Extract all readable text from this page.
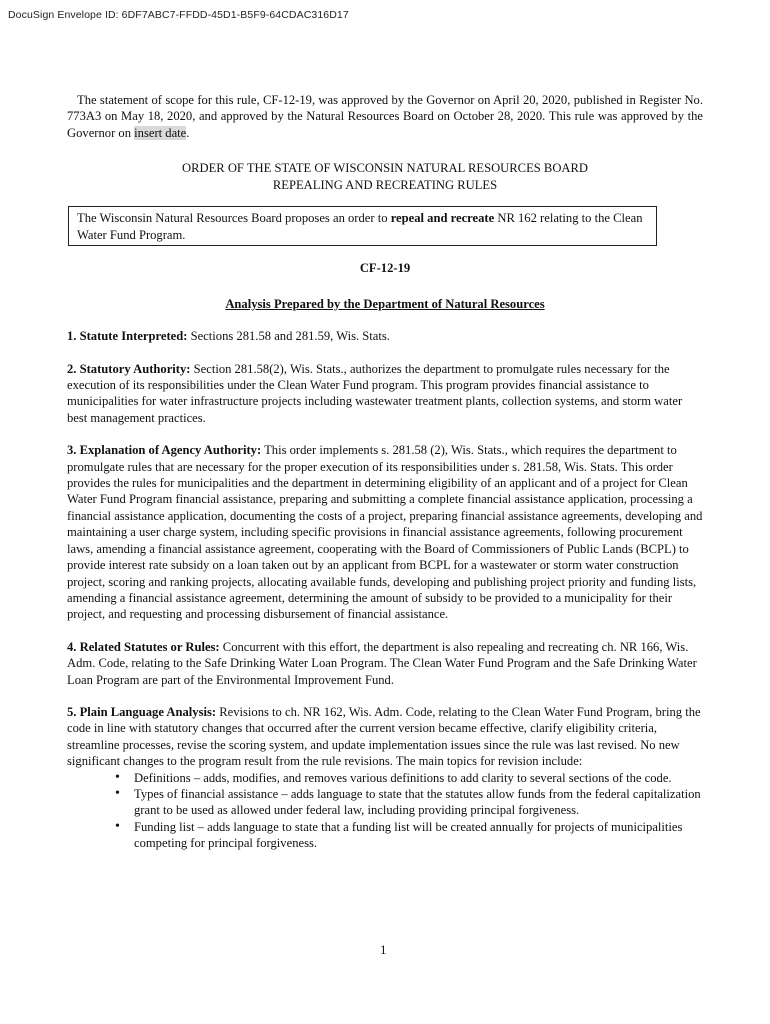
DocuSign Envelope ID: 6DF7ABC7-FFDD-45D1-B5F9-64CDAC316D17

The statement of scope for this rule, CF-12-19, was approved by the Governor on April 20, 2020, published in Register No. 773A3 on May 18, 2020, and approved by the Natural Resources Board on October 28, 2020. This rule was approved by the Governor on insert date.

ORDER OF THE STATE OF WISCONSIN NATURAL RESOURCES BOARD
REPEALING AND RECREATING RULES
The Wisconsin Natural Resources Board proposes an order to repeal and recreate NR 162 relating to the Clean Water Fund Program.
CF-12-19
Analysis Prepared by the Department of Natural Resources

1. Statute Interpreted: Sections 281.58 and 281.59, Wis. Stats.

2. Statutory Authority: Section 281.58(2), Wis. Stats., authorizes the department to promulgate rules necessary for the execution of its responsibilities under the Clean Water Fund program. This program provides financial assistance to municipalities for water infrastructure projects including wastewater treatment plants, collection systems, and storm water best management practices.

3. Explanation of Agency Authority: This order implements s. 281.58 (2), Wis. Stats., which requires the department to promulgate rules that are necessary for the proper execution of its responsibilities under s. 281.58, Wis. Stats. This order provides the rules for municipalities and the department in determining eligibility of an applicant and of a project for Clean Water Fund Program financial assistance, preparing and submitting a complete financial assistance application, processing a financial assistance application, documenting the costs of a project, preparing financial assistance agreements, developing and maintaining a user charge system, including specific provisions in financial assistance agreements, following procurement laws, amending a financial assistance agreement, cooperating with the Board of Commissioners of Public Lands (BCPL) to provide interest rate subsidy on a loan taken out by an applicant from BCPL for a wastewater or storm water construction project, scoring and ranking projects, allocating available funds, developing and publishing project priority and funding lists, amending a financial assistance agreement, determining the amount of subsidy to be provided to a municipality for their project, and requesting and processing disbursement of financial assistance.

4. Related Statutes or Rules: Concurrent with this effort, the department is also repealing and recreating ch. NR 166, Wis. Adm. Code, relating to the Safe Drinking Water Loan Program. The Clean Water Fund Program and the Safe Drinking Water Loan Program are part of the Environmental Improvement Fund.

5. Plain Language Analysis: Revisions to ch. NR 162, Wis. Adm. Code, relating to the Clean Water Fund Program, bring the code in line with statutory changes that occurred after the current version became effective, clarify eligibility criteria, streamline processes, revise the scoring system, and update implementation issues since the rule was last revised. No new significant changes to the program result from the rule revisions. The main topics for revision include:

• Definitions – adds, modifies, and removes various definitions to add clarity to several sections of the code.
• Types of financial assistance – adds language to state that the statutes allow funds from the federal capitalization grant to be used as allowed under federal law, including providing principal forgiveness.
• Funding list – adds language to state that a funding list will be created annually for projects of municipalities competing for principal forgiveness.
1
